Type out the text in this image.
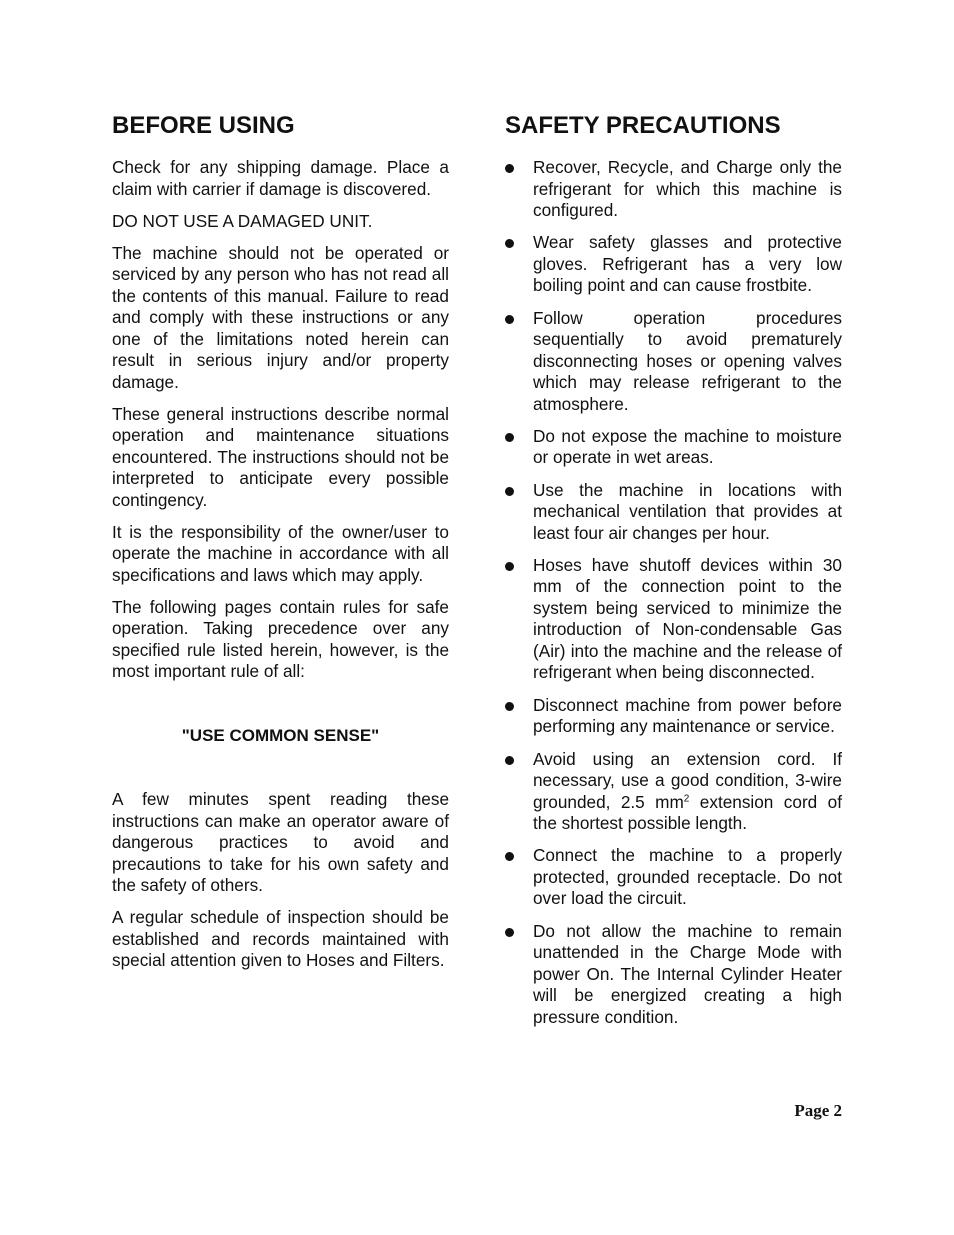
BEFORE USING

Check for any shipping damage. Place a claim with carrier if damage is discovered.

DO NOT USE A DAMAGED UNIT.

The machine should not be operated or serviced by any person who has not read all the contents of this manual. Failure to read and comply with these instructions or any one of the limitations noted herein can result in serious injury and/or property damage.

These general instructions describe normal operation and maintenance situations encountered. The instructions should not be interpreted to anticipate every possible contingency.

It is the responsibility of the owner/user to operate the machine in accordance with all specifications and laws which may apply.

The following pages contain rules for safe operation. Taking precedence over any specified rule listed herein, however, is the most important rule of all:

"USE COMMON SENSE"

A few minutes spent reading these instructions can make an operator aware of dangerous practices to avoid and precautions to take for his own safety and the safety of others.

A regular schedule of inspection should be established and records maintained with special attention given to Hoses and Filters.

SAFETY PRECAUTIONS
Recover, Recycle, and Charge only the refrigerant for which this machine is configured.
Wear safety glasses and protective gloves. Refrigerant has a very low boiling point and can cause frostbite.
Follow operation procedures sequentially to avoid prematurely disconnecting hoses or opening valves which may release refrigerant to the atmosphere.
Do not expose the machine to moisture or operate in wet areas.
Use the machine in locations with mechanical ventilation that provides at least four air changes per hour.
Hoses have shutoff devices within 30 mm of the connection point to the system being serviced to minimize the introduction of Non-condensable Gas (Air) into the machine and the release of refrigerant when being disconnected.
Disconnect machine from power before performing any maintenance or service.
Avoid using an extension cord. If necessary, use a good condition, 3-wire grounded, 2.5 $mm^2$ extension cord of the shortest possible length.
Connect the machine to a properly protected, grounded receptacle. Do not over load the circuit.
Do not allow the machine to remain unattended in the Charge Mode with power On. The Internal Cylinder Heater will be energized creating a high pressure condition.
Page 2
